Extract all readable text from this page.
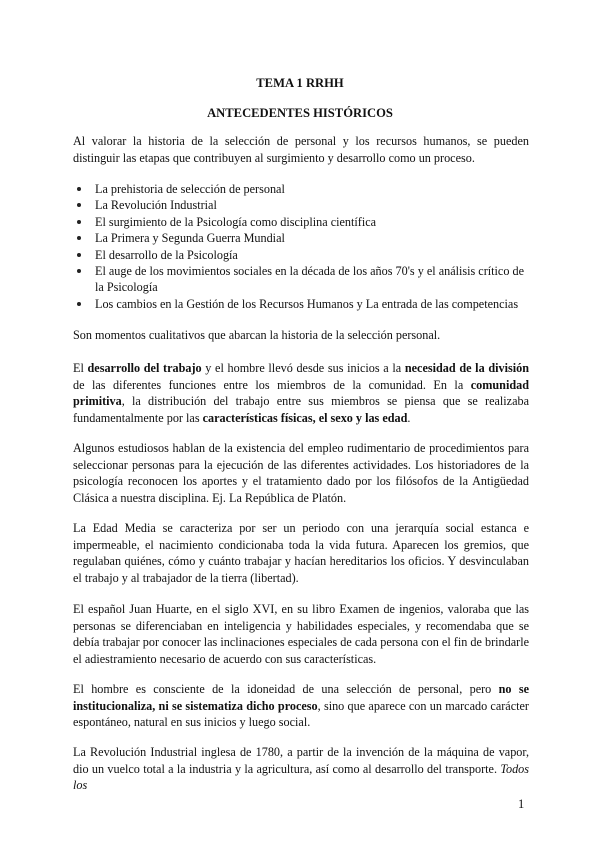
TEMA 1 RRHH
ANTECEDENTES HISTÓRICOS

Al valorar la historia de la selección de personal y los recursos humanos, se pueden distinguir las etapas que contribuyen al surgimiento y desarrollo como un proceso.

La prehistoria de selección de personal
La Revolución Industrial
El surgimiento de la Psicología como disciplina científica
La Primera y Segunda Guerra Mundial
El desarrollo de la Psicología
El auge de los movimientos sociales en la década de los años 70's y el análisis crítico de la Psicología
Los cambios en la Gestión de los Recursos Humanos y La entrada de las competencias

Son momentos cualitativos que abarcan la historia de la selección personal.

El desarrollo del trabajo y el hombre llevó desde sus inicios a la necesidad de la división de las diferentes funciones entre los miembros de la comunidad. En la comunidad primitiva, la distribución del trabajo entre sus miembros se piensa que se realizaba fundamentalmente por las características físicas, el sexo y las edad.

Algunos estudiosos hablan de la existencia del empleo rudimentario de procedimientos para seleccionar personas para la ejecución de las diferentes actividades. Los historiadores de la psicología reconocen los aportes y el tratamiento dado por los filósofos de la Antigüedad Clásica a nuestra disciplina. Ej. La República de Platón.

La Edad Media se caracteriza por ser un periodo con una jerarquía social estanca e impermeable, el nacimiento condicionaba toda la vida futura. Aparecen los gremios, que regulaban quiénes, cómo y cuánto trabajar y hacían hereditarios los oficios. Y desvinculaban el trabajo y al trabajador de la tierra (libertad).

El español Juan Huarte, en el siglo XVI, en su libro Examen de ingenios, valoraba que las personas se diferenciaban en inteligencia y habilidades especiales, y recomendaba que se debía trabajar por conocer las inclinaciones especiales de cada persona con el fin de brindarle el adiestramiento necesario de acuerdo con sus características.

El hombre es consciente de la idoneidad de una selección de personal, pero no se institucionaliza, ni se sistematiza dicho proceso, sino que aparece con un marcado carácter espontáneo, natural en sus inicios y luego social.

La Revolución Industrial inglesa de 1780, a partir de la invención de la máquina de vapor, dio un vuelco total a la industria y la agricultura, así como al desarrollo del transporte. Todos los

1
